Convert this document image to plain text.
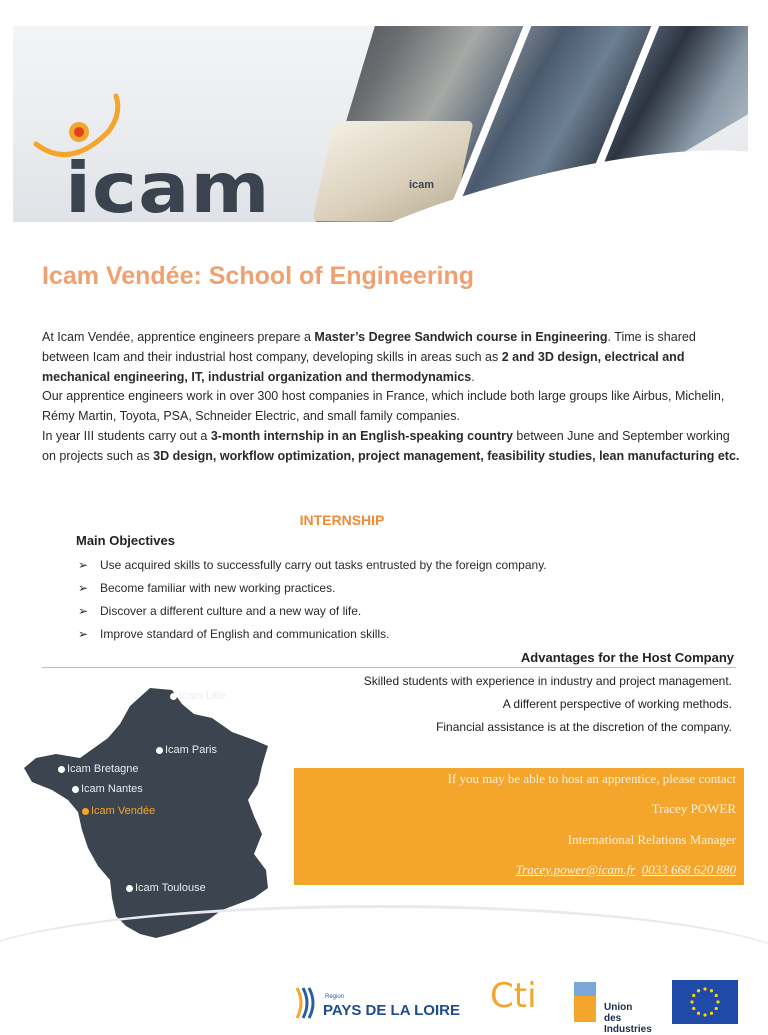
icam
icam
Icam Vendée: School of Engineering

At Icam Vendée, apprentice engineers prepare a Master’s Degree Sandwich course in Engineering. Time is shared between Icam and their industrial host company, developing skills in areas such as 2 and 3D design, electrical and mechanical engineering, IT, industrial organization and thermodynamics.

Our apprentice engineers work in over 300 host companies in France, which include both large groups like Airbus, Michelin, Rémy Martin, Toyota, PSA, Schneider Electric, and small family companies.

In year III students carry out a 3-month internship in an English-speaking country between June and September working on projects such as 3D design, workflow optimization, project management, feasibility studies, lean manufacturing etc.

INTERNSHIP
Main Objectives
➢ Use acquired skills to successfully carry out tasks entrusted by the foreign company.
➢ Become familiar with new working practices.
➢ Discover a different culture and a new way of life.
➢ Improve standard of English and communication skills.
Advantages for the Host Company
Skilled students with experience in industry and project management.
A different perspective of working methods.
Financial assistance is at the discretion of the company.
Icam Lille
Icam Paris
Icam Bretagne
Icam Nantes
Icam Vendée
Icam Toulouse
If you may be able to host an apprentice, please contact
Tracey POWER
International Relations Manager
Tracey.power@icam.fr 0033 668 620 880
Région
PAYS DE LA LOIRE Cti	Union des
Industries
